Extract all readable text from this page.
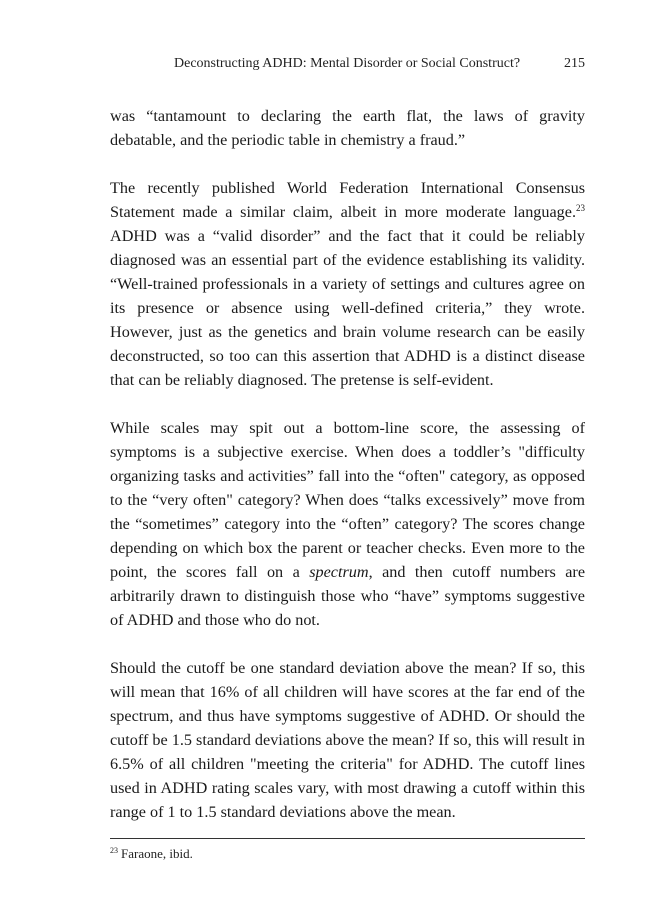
Deconstructing ADHD: Mental Disorder or Social Construct?	215

was “tantamount to declaring the earth flat, the laws of gravity debatable, and the periodic table in chemistry a fraud.”

The recently published World Federation International Consensus Statement made a similar claim, albeit in more moderate language.$^{23}$ ADHD was a “valid disorder” and the fact that it could be reliably diagnosed was an essential part of the evidence establishing its validity. “Well-trained professionals in a variety of settings and cultures agree on its presence or absence using well-defined criteria,” they wrote. However, just as the genetics and brain volume research can be easily deconstructed, so too can this assertion that ADHD is a distinct disease that can be reliably diagnosed. The pretense is self-evident.

While scales may spit out a bottom-line score, the assessing of symptoms is a subjective exercise. When does a toddler’s "difficulty organizing tasks and activities” fall into the “often" category, as opposed to the “very often" category? When does “talks excessively” move from the “sometimes” category into the “often” category? The scores change depending on which box the parent or teacher checks. Even more to the point, the scores fall on a spectrum, and then cutoff numbers are arbitrarily drawn to distinguish those who “have” symptoms suggestive of ADHD and those who do not.

Should the cutoff be one standard deviation above the mean? If so, this will mean that 16% of all children will have scores at the far end of the spectrum, and thus have symptoms suggestive of ADHD. Or should the cutoff be 1.5 standard deviations above the mean? If so, this will result in 6.5% of all children "meeting the criteria" for ADHD. The cutoff lines used in ADHD rating scales vary, with most drawing a cutoff within this range of 1 to 1.5 standard deviations above the mean.

$^{23}$ Faraone, ibid.
